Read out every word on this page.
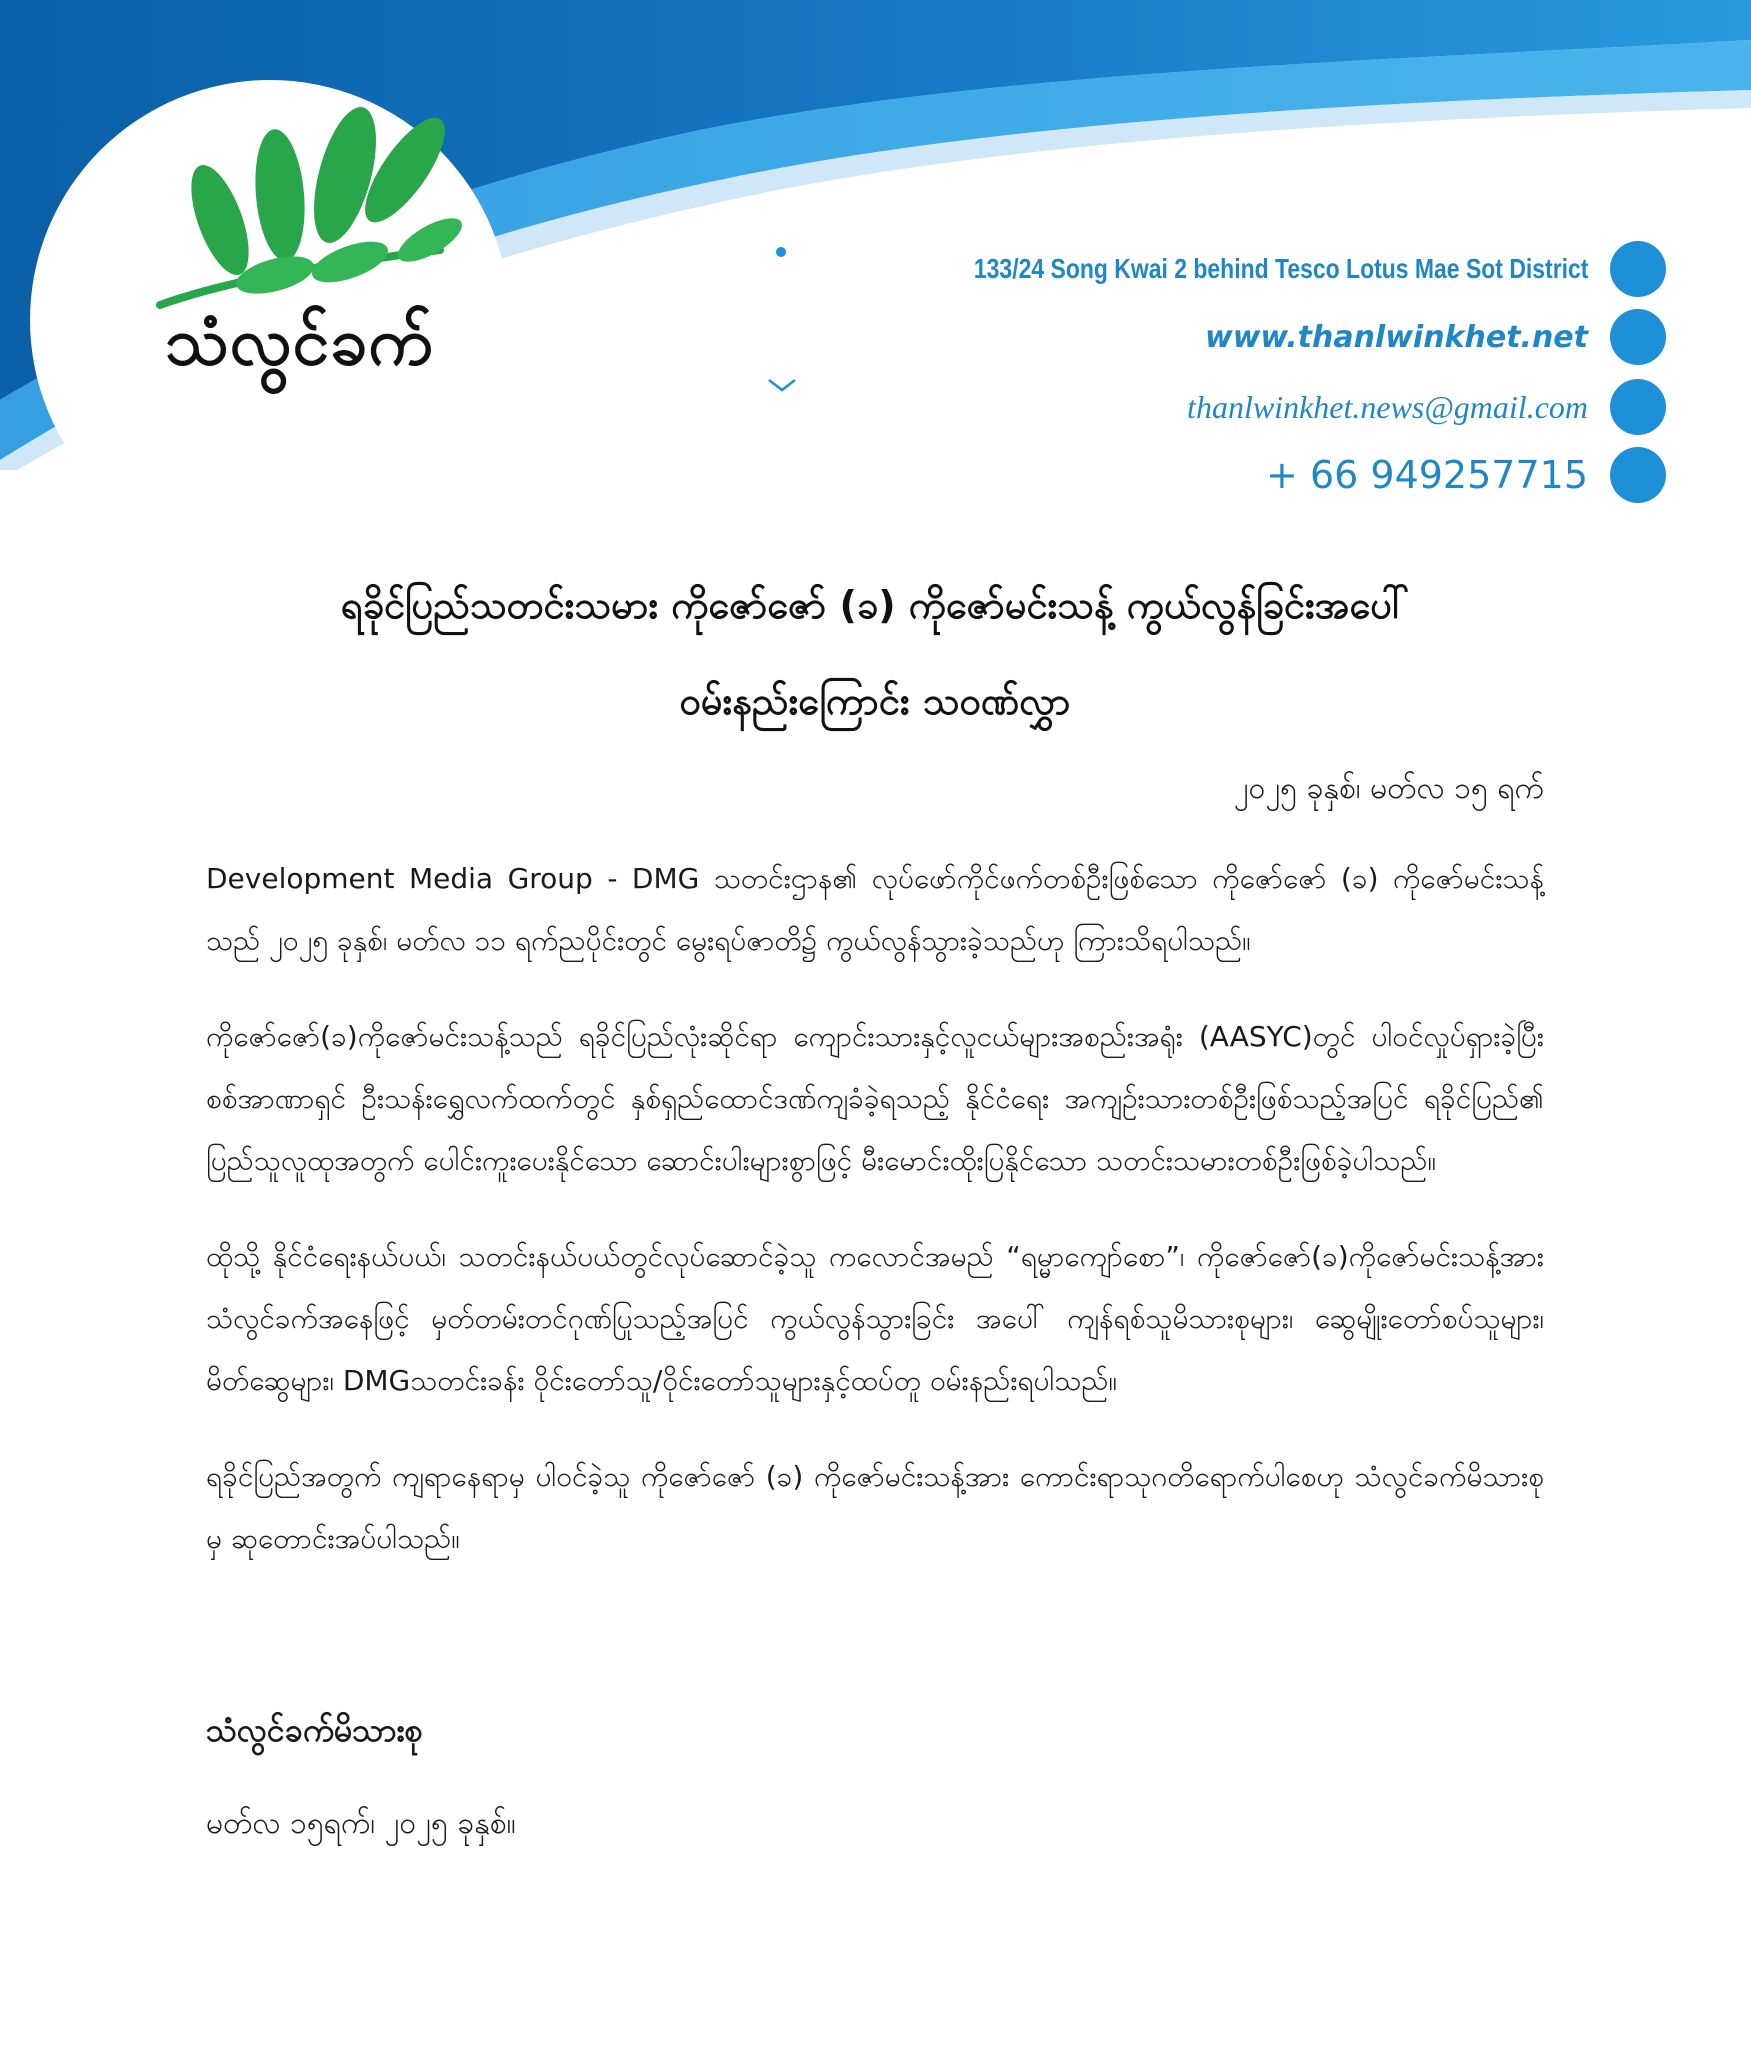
သံလွင်ခက်
133/24 Song Kwai 2 behind Tesco Lotus Mae Sot District
www.thanlwinkhet.net
thanlwinkhet.news@gmail.com
+ 66 949257715
ရခိုင်ပြည်သတင်းသမား ကိုဇော်ဇော် (ခ) ကိုဇော်မင်းသန့် ကွယ်လွန်ခြင်းအပေါ်
ဝမ်းနည်းကြောင်း သဝဏ်လွှာ
၂၀၂၅ ခုနှစ်၊ မတ်လ ၁၅ ရက်

Development Media Group - DMG သတင်းဌာန၏ လုပ်ဖော်ကိုင်ဖက်တစ်ဦးဖြစ်သော ကိုဇော်ဇော် (ခ) ကိုဇော်မင်းသန့်သည် ၂၀၂၅ ခုနှစ်၊ မတ်လ ၁၁ ရက်ညပိုင်းတွင် မွေးရပ်ဇာတိ၌ ကွယ်လွန်သွားခဲ့သည်ဟု ကြားသိရပါသည်။

ကိုဇော်ဇော်(ခ)ကိုဇော်မင်းသန့်သည် ရခိုင်ပြည်လုံးဆိုင်ရာ ကျောင်းသားနှင့်လူငယ်များအစည်းအရုံး (AASYC)တွင် ပါဝင်လှုပ်ရှားခဲ့ပြီး စစ်အာဏာရှင် ဦးသန်းရွှေလက်ထက်တွင် နှစ်ရှည်ထောင်ဒဏ်ကျခံခဲ့ရသည့် နိုင်ငံရေး အကျဉ်းသားတစ်ဦးဖြစ်သည့်အပြင် ရခိုင်ပြည်၏ ပြည်သူလူထုအတွက် ပေါင်းကူးပေးနိုင်သော ဆောင်းပါးများစွာဖြင့် မီးမောင်းထိုးပြနိုင်သော သတင်းသမားတစ်ဦးဖြစ်ခဲ့ပါသည်။

ထိုသို့ နိုင်ငံရေးနယ်ပယ်၊ သတင်းနယ်ပယ်တွင်လုပ်ဆောင်ခဲ့သူ ကလောင်အမည် “ရမ္မာကျော်စော”၊ ကိုဇော်ဇော်(ခ)ကိုဇော်မင်းသန့်အား သံလွင်ခက်အနေဖြင့် မှတ်တမ်းတင်ဂုဏ်ပြုသည့်အပြင် ကွယ်လွန်သွားခြင်း အပေါ် ကျန်ရစ်သူမိသားစုများ၊ ဆွေမျိုးတော်စပ်သူများ၊ မိတ်ဆွေများ၊ DMGသတင်းခန်း ဝိုင်းတော်သူ/ဝိုင်းတော်သူများနှင့်ထပ်တူ ဝမ်းနည်းရပါသည်။

ရခိုင်ပြည်အတွက် ကျရာနေရာမှ ပါဝင်ခဲ့သူ ကိုဇော်ဇော် (ခ) ကိုဇော်မင်းသန့်အား ကောင်းရာသုဂတိရောက်ပါစေဟု သံလွင်ခက်မိသားစုမှ ဆုတောင်းအပ်ပါသည်။

သံလွင်ခက်မိသားစု
မတ်လ ၁၅ရက်၊ ၂၀၂၅ ခုနှစ်။
